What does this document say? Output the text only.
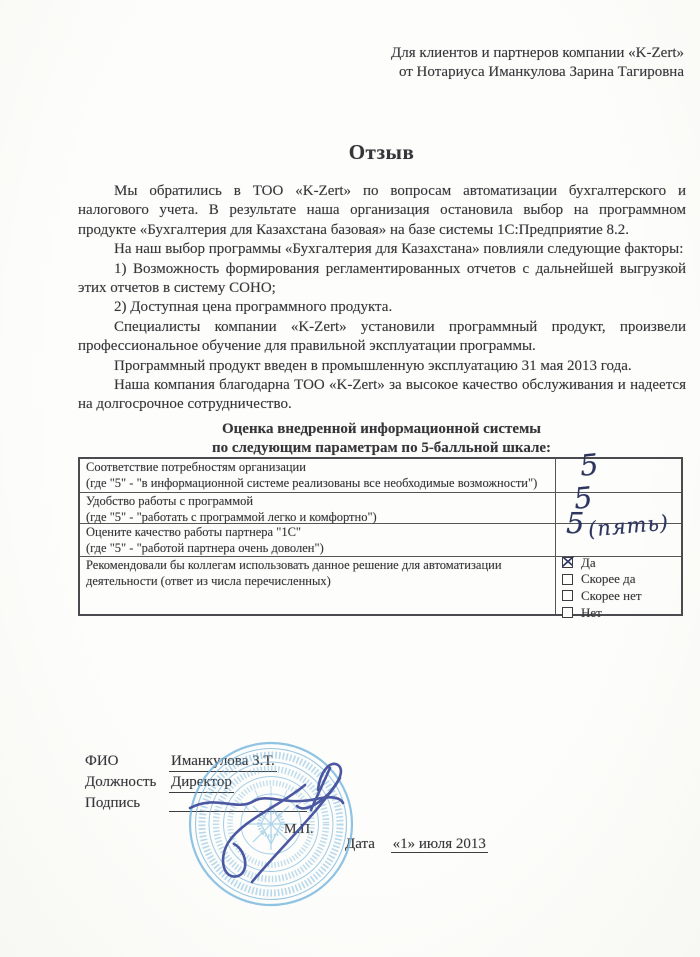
Для клиентов и партнеров компании «K-Zert»
от Нотариуса Иманкулова Зарина Тагировна
Отзыв

Мы обратились в ТОО «K-Zert» по вопросам автоматизации бухгалтерского и налогового учета. В результате наша организация остановила выбор на программном продукте «Бухгалтерия для Казахстана базовая» на базе системы 1С:Предприятие 8.2.

На наш выбор программы «Бухгалтерия для Казахстана» повлияли следующие факторы:

1) Возможность формирования регламентированных отчетов с дальнейшей выгрузкой этих отчетов в систему СОНО;

2) Доступная цена программного продукта.

Специалисты компании «K-Zert» установили программный продукт, произвели профессиональное обучение для правильной эксплуатации программы.

Программный продукт введен в промышленную эксплуатацию 31 мая 2013 года.

Наша компания благодарна ТОО «K-Zert» за высокое качество обслуживания и надеется на долгосрочное сотрудничество.

Оценка внедренной информационной системы
по следующим параметрам по 5-балльной шкале:
Соответствие потребностям организации
(где "5" - "в информационной системе реализованы все необходимые возможности")
Удобство работы с программой
(где "5" - "работать с программой легко и комфортно")
Оцените качество работы партнера "1С"
(где "5" - "работой партнера очень доволен")
Рекомендовали бы коллегам использовать данное решение для автоматизации деятельности (ответ из числа перечисленных)
Да
Скорее да
Скорее нет
Нет
5
5
5 (пять)
ФИО	Иманкулова З.Т.
Должность Директор
Подпись
М.П.
Дата «1» июля 2013
